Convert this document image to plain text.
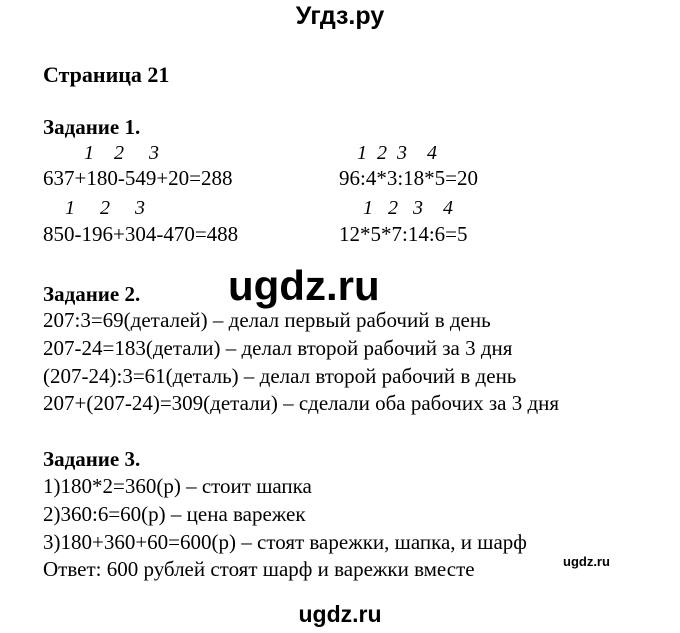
Угдз.ру
Страница 21
Задание 1.
1    2     3
637+180-549+20=288
1     2     3
850-196+304-470=488
1  2  3    4
96:4*3:18*5=20
1   2   3    4
12*5*7:14:6=5
ugdz.ru
Задание 2.
207:3=69(деталей) – делал первый рабочий в день
207-24=183(детали) – делал второй рабочий за 3 дня
(207-24):3=61(деталь) – делал второй рабочий в день
207+(207-24)=309(детали) – сделали оба рабочих за 3 дня
Задание 3.
1)180*2=360(р) – стоит шапка
2)360:6=60(р) – цена варежек
3)180+360+60=600(р) – стоят варежки, шапка, и шарф
Ответ: 600 рублей стоят шарф и варежки вместе	ugdz.ru
ugdz.ru
